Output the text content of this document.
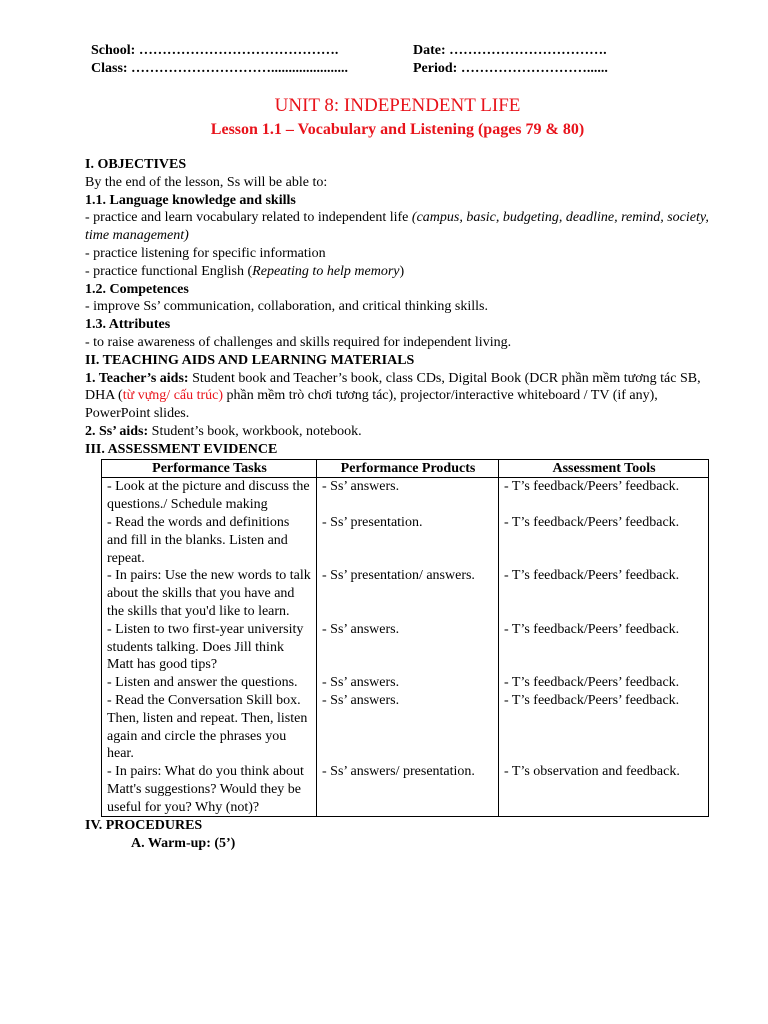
School: …………………………………….	Date: …………………………….
Class: …………………………......................	Period: ………………………......
UNIT 8: INDEPENDENT LIFE
Lesson 1.1 – Vocabulary and Listening (pages 79 & 80)

I. OBJECTIVES

By the end of the lesson, Ss will be able to:

1.1. Language knowledge and skills

- practice and learn vocabulary related to independent life (campus, basic, budgeting, deadline, remind, society, time management)

- practice listening for specific information

- practice functional English (Repeating to help memory)

1.2. Competences

- improve Ss’ communication, collaboration, and critical thinking skills.

1.3. Attributes

- to raise awareness of challenges and skills required for independent living.

II. TEACHING AIDS AND LEARNING MATERIALS

1. Teacher’s aids: Student book and Teacher’s book, class CDs, Digital Book (DCR phần mềm tương tác SB, DHA (từ vựng/ cấu trúc) phần mềm trò chơi tương tác), projector/interactive whiteboard / TV (if any), PowerPoint slides.

2. Ss’ aids: Student’s book, workbook, notebook.

III. ASSESSMENT EVIDENCE

Performance Tasks	Performance Products	Assessment Tools
- Look at the picture and discuss the questions./ Schedule making	- Ss’ answers.	- T’s feedback/Peers’ feedback.
- Read the words and definitions and fill in the blanks. Listen and repeat.	- Ss’ presentation.	- T’s feedback/Peers’ feedback.
- In pairs: Use the new words to talk about the skills that you have and the skills that you'd like to learn.	- Ss’ presentation/ answers.	- T’s feedback/Peers’ feedback.
- Listen to two first-year university students talking. Does Jill think Matt has good tips?	- Ss’ answers.	- T’s feedback/Peers’ feedback.
- Listen and answer the questions.	- Ss’ answers.	- T’s feedback/Peers’ feedback.
- Read the Conversation Skill box. Then, listen and repeat. Then, listen again and circle the phrases you hear.	- Ss’ answers.	- T’s feedback/Peers’ feedback.
- In pairs: What do you think about Matt's suggestions? Would they be useful for you? Why (not)?	- Ss’ answers/ presentation.	- T’s observation and feedback.

IV. PROCEDURES

A. Warm-up: (5’)
